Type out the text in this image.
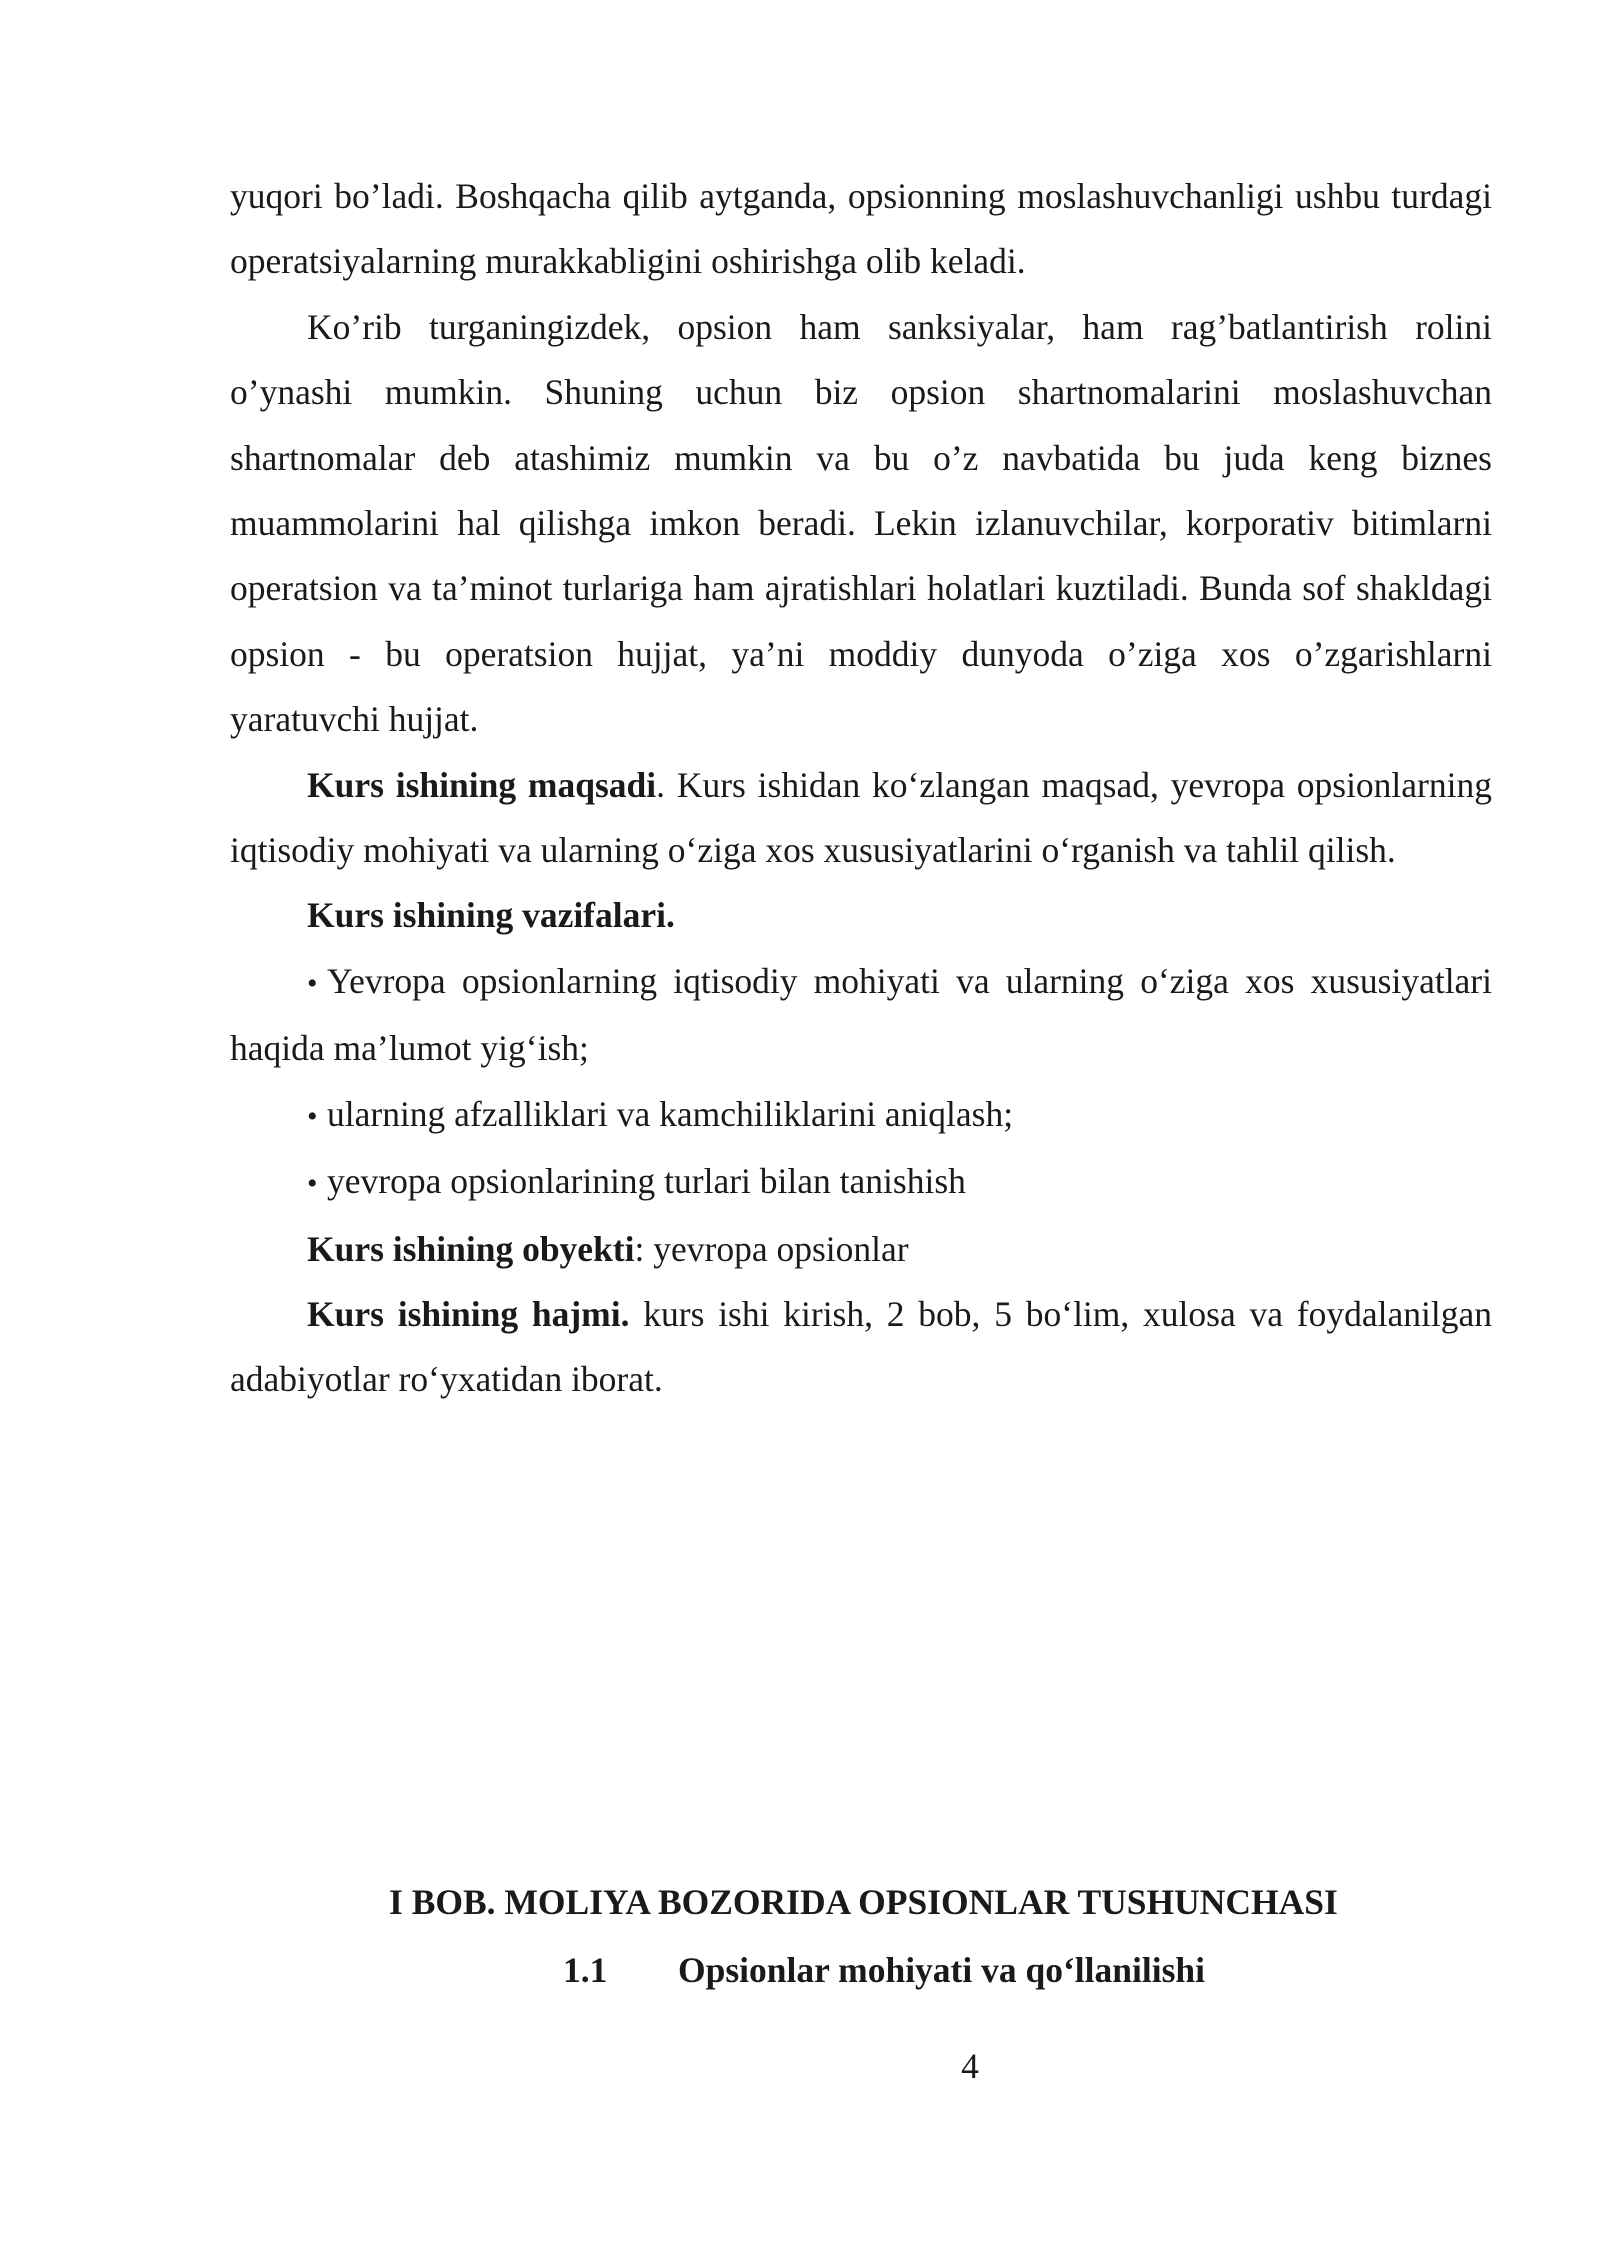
yuqori bo’ladi. Boshqacha qilib aytganda, opsionning moslashuvchanligi ushbu turdagi operatsiyalarning murakkabligini oshirishga olib keladi.

Ko’rib turganingizdek, opsion ham sanksiyalar, ham rag’batlantirish rolini o’ynashi mumkin. Shuning uchun biz opsion shartnomalarini moslashuvchan shartnomalar deb atashimiz mumkin va bu o’z navbatida bu juda keng biznes muammolarini hal qilishga imkon beradi. Lekin izlanuvchilar, korporativ bitimlarni operatsion va ta’minot turlariga ham ajratishlari holatlari kuztiladi. Bunda sof shakldagi opsion - bu operatsion hujjat, ya’ni moddiy dunyoda o’ziga xos o’zgarishlarni yaratuvchi hujjat.

Kurs ishining maqsadi. Kurs ishidan ko‘zlangan maqsad, yevropa opsionlarning iqtisodiy mohiyati va ularning o‘ziga xos xususiyatlarini o‘rganish va tahlil qilish.

Kurs ishining vazifalari.

• Yevropa opsionlarning iqtisodiy mohiyati va ularning o‘ziga xos xususiyatlari haqida ma’lumot yig‘ish;

• ularning afzalliklari va kamchiliklarini aniqlash;

• yevropa opsionlarining turlari bilan tanishish

Kurs ishining obyekti: yevropa opsionlar

Kurs ishining hajmi. kurs ishi kirish, 2 bob, 5 bo‘lim, xulosa va foydalanilgan adabiyotlar ro‘yxatidan iborat.

I BOB. MOLIYA BOZORIDA OPSIONLAR TUSHUNCHASI
1.1 Opsionlar mohiyati va qo‘llanilishi
4
